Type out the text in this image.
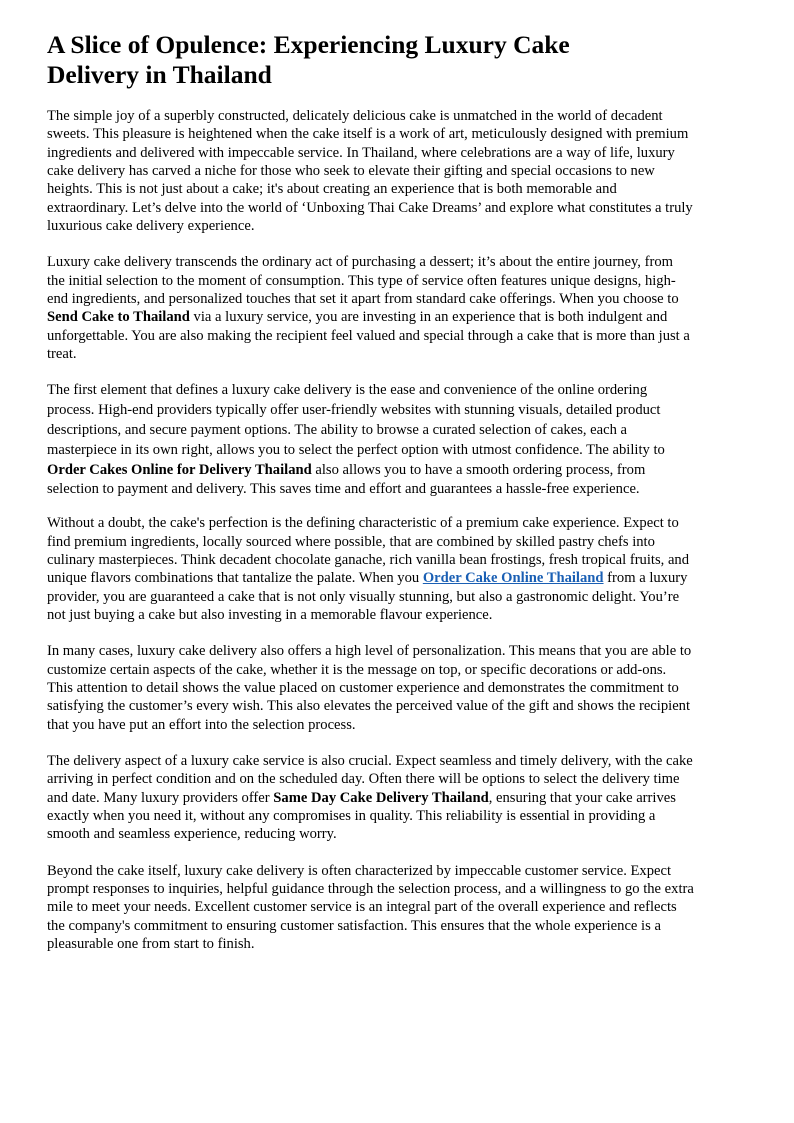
A Slice of Opulence: Experiencing Luxury Cake Delivery in Thailand

The simple joy of a superbly constructed, delicately delicious cake is unmatched in the world of decadent sweets. This pleasure is heightened when the cake itself is a work of art, meticulously designed with premium ingredients and delivered with impeccable service. In Thailand, where celebrations are a way of life, luxury cake delivery has carved a niche for those who seek to elevate their gifting and special occasions to new heights. This is not just about a cake; it's about creating an experience that is both memorable and extraordinary. Let’s delve into the world of ‘Unboxing Thai Cake Dreams’ and explore what constitutes a truly luxurious cake delivery experience.

Luxury cake delivery transcends the ordinary act of purchasing a dessert; it’s about the entire journey, from the initial selection to the moment of consumption. This type of service often features unique designs, high-end ingredients, and personalized touches that set it apart from standard cake offerings. When you choose to Send Cake to Thailand via a luxury service, you are investing in an experience that is both indulgent and unforgettable. You are also making the recipient feel valued and special through a cake that is more than just a treat.

The first element that defines a luxury cake delivery is the ease and convenience of the online ordering process. High-end providers typically offer user-friendly websites with stunning visuals, detailed product descriptions, and secure payment options. The ability to browse a curated selection of cakes, each a masterpiece in its own right, allows you to select the perfect option with utmost confidence. The ability to Order Cakes Online for Delivery Thailand also allows you to have a smooth ordering process, from selection to payment and delivery. This saves time and effort and guarantees a hassle-free experience.

Without a doubt, the cake's perfection is the defining characteristic of a premium cake experience. Expect to find premium ingredients, locally sourced where possible, that are combined by skilled pastry chefs into culinary masterpieces. Think decadent chocolate ganache, rich vanilla bean frostings, fresh tropical fruits, and unique flavors combinations that tantalize the palate. When you Order Cake Online Thailand from a luxury provider, you are guaranteed a cake that is not only visually stunning, but also a gastronomic delight. You’re not just buying a cake but also investing in a memorable flavour experience.

In many cases, luxury cake delivery also offers a high level of personalization. This means that you are able to customize certain aspects of the cake, whether it is the message on top, or specific decorations or add-ons. This attention to detail shows the value placed on customer experience and demonstrates the commitment to satisfying the customer’s every wish. This also elevates the perceived value of the gift and shows the recipient that you have put an effort into the selection process.

The delivery aspect of a luxury cake service is also crucial. Expect seamless and timely delivery, with the cake arriving in perfect condition and on the scheduled day. Often there will be options to select the delivery time and date. Many luxury providers offer Same Day Cake Delivery Thailand, ensuring that your cake arrives exactly when you need it, without any compromises in quality. This reliability is essential in providing a smooth and seamless experience, reducing worry.

Beyond the cake itself, luxury cake delivery is often characterized by impeccable customer service. Expect prompt responses to inquiries, helpful guidance through the selection process, and a willingness to go the extra mile to meet your needs. Excellent customer service is an integral part of the overall experience and reflects the company's commitment to ensuring customer satisfaction. This ensures that the whole experience is a pleasurable one from start to finish.
